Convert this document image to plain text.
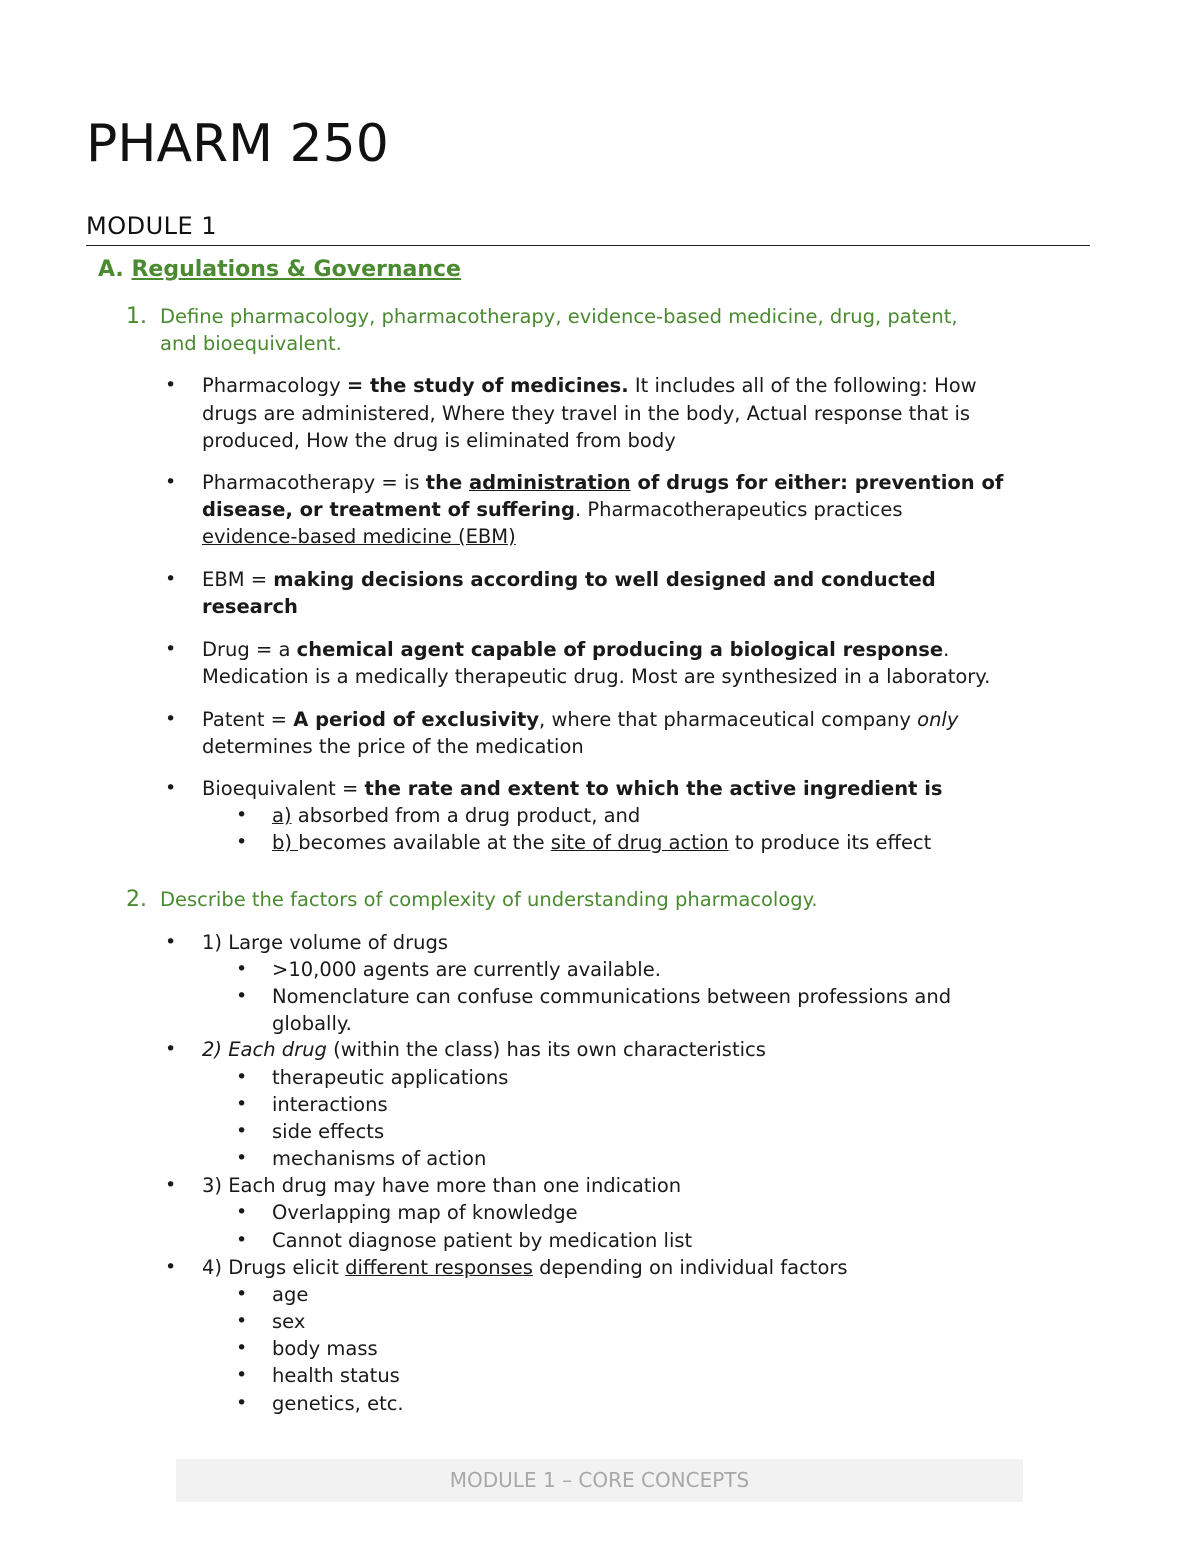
PHARM 250
MODULE 1
A. Regulations & Governance
1. Define pharmacology, pharmacotherapy, evidence-based medicine, drug, patent,
and bioequivalent.
• Pharmacology = the study of medicines. It includes all of the following: How
drugs are administered, Where they travel in the body, Actual response that is
produced, How the drug is eliminated from body
• Pharmacotherapy = is the administration of drugs for either: prevention of
disease, or treatment of suffering. Pharmacotherapeutics practices
evidence-based medicine (EBM)
• EBM = making decisions according to well designed and conducted
research
• Drug = a chemical agent capable of producing a biological response.
Medication is a medically therapeutic drug. Most are synthesized in a laboratory.
• Patent = A period of exclusivity, where that pharmaceutical company only
determines the price of the medication
• Bioequivalent = the rate and extent to which the active ingredient is
• a) absorbed from a drug product, and
• b) becomes available at the site of drug action to produce its effect
2. Describe the factors of complexity of understanding pharmacology.
• 1) Large volume of drugs
• >10,000 agents are currently available.
• Nomenclature can confuse communications between professions and
globally.
• 2) Each drug (within the class) has its own characteristics
• therapeutic applications
• interactions
• side effects
• mechanisms of action
• 3) Each drug may have more than one indication
• Overlapping map of knowledge
• Cannot diagnose patient by medication list
• 4) Drugs elicit different responses depending on individual factors
• age
• sex
• body mass
• health status
• genetics, etc.
MODULE 1 – CORE CONCEPTS
